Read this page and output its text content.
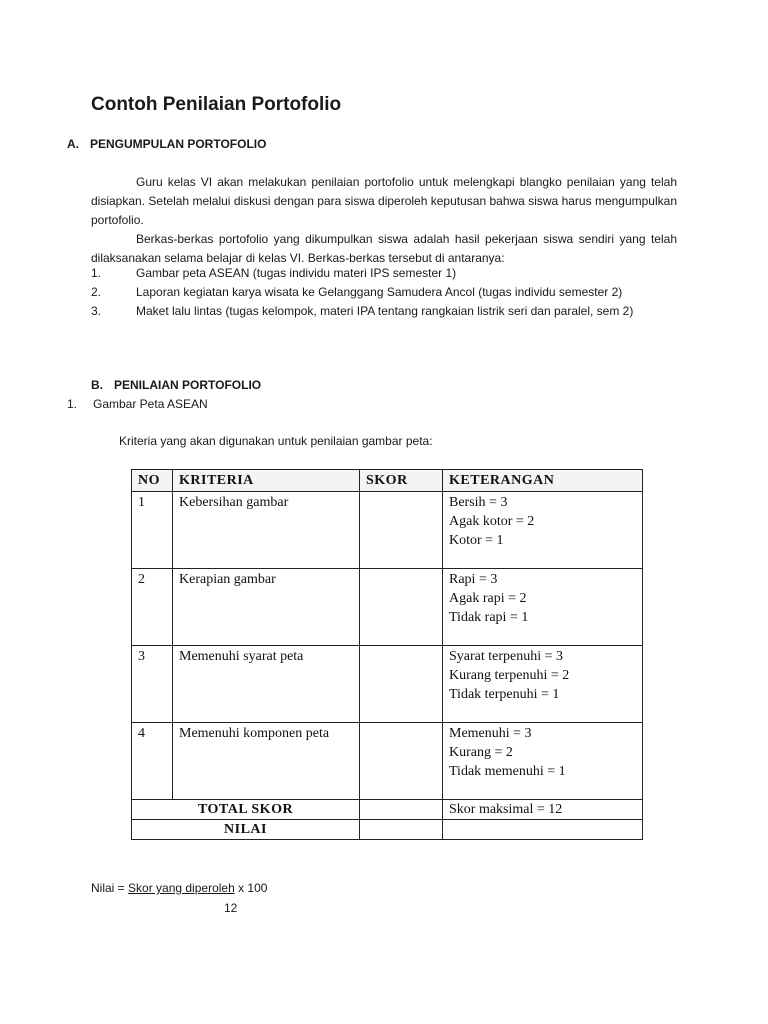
Contoh Penilaian Portofolio
A. PENGUMPULAN PORTOFOLIO

Guru kelas VI akan melakukan penilaian portofolio untuk melengkapi blangko penilaian yang telah disiapkan. Setelah melalui diskusi dengan para siswa diperoleh keputusan bahwa siswa harus mengumpulkan portofolio.

Berkas-berkas portofolio yang dikumpulkan siswa adalah hasil pekerjaan siswa sendiri yang telah dilaksanakan selama belajar di kelas VI. Berkas-berkas tersebut di antaranya:

1.	Gambar peta ASEAN (tugas individu materi IPS semester 1)
2.	Laporan kegiatan karya wisata ke Gelanggang Samudera Ancol (tugas individu semester 2)
3.	Maket lalu lintas (tugas kelompok, materi IPA tentang rangkaian listrik seri dan paralel, sem 2)
B. PENILAIAN PORTOFOLIO
1. Gambar Peta ASEAN
Kriteria yang akan digunakan untuk penilaian gambar peta:
NO	KRITERIA	SKOR	KETERANGAN
1	Kebersihan gambar		Bersih = 3
Agak kotor = 2
Kotor = 1

2	Kerapian gambar		Rapi = 3
Agak rapi = 2
Tidak rapi = 1

3	Memenuhi syarat peta		Syarat terpenuhi = 3
Kurang terpenuhi = 2
Tidak terpenuhi = 1

4	Memenuhi komponen peta		Memenuhi = 3
Kurang = 2
Tidak memenuhi = 1

TOTAL SKOR			Skor maksimal = 12
NILAI			
Nilai = Skor yang diperoleh x 100
12
